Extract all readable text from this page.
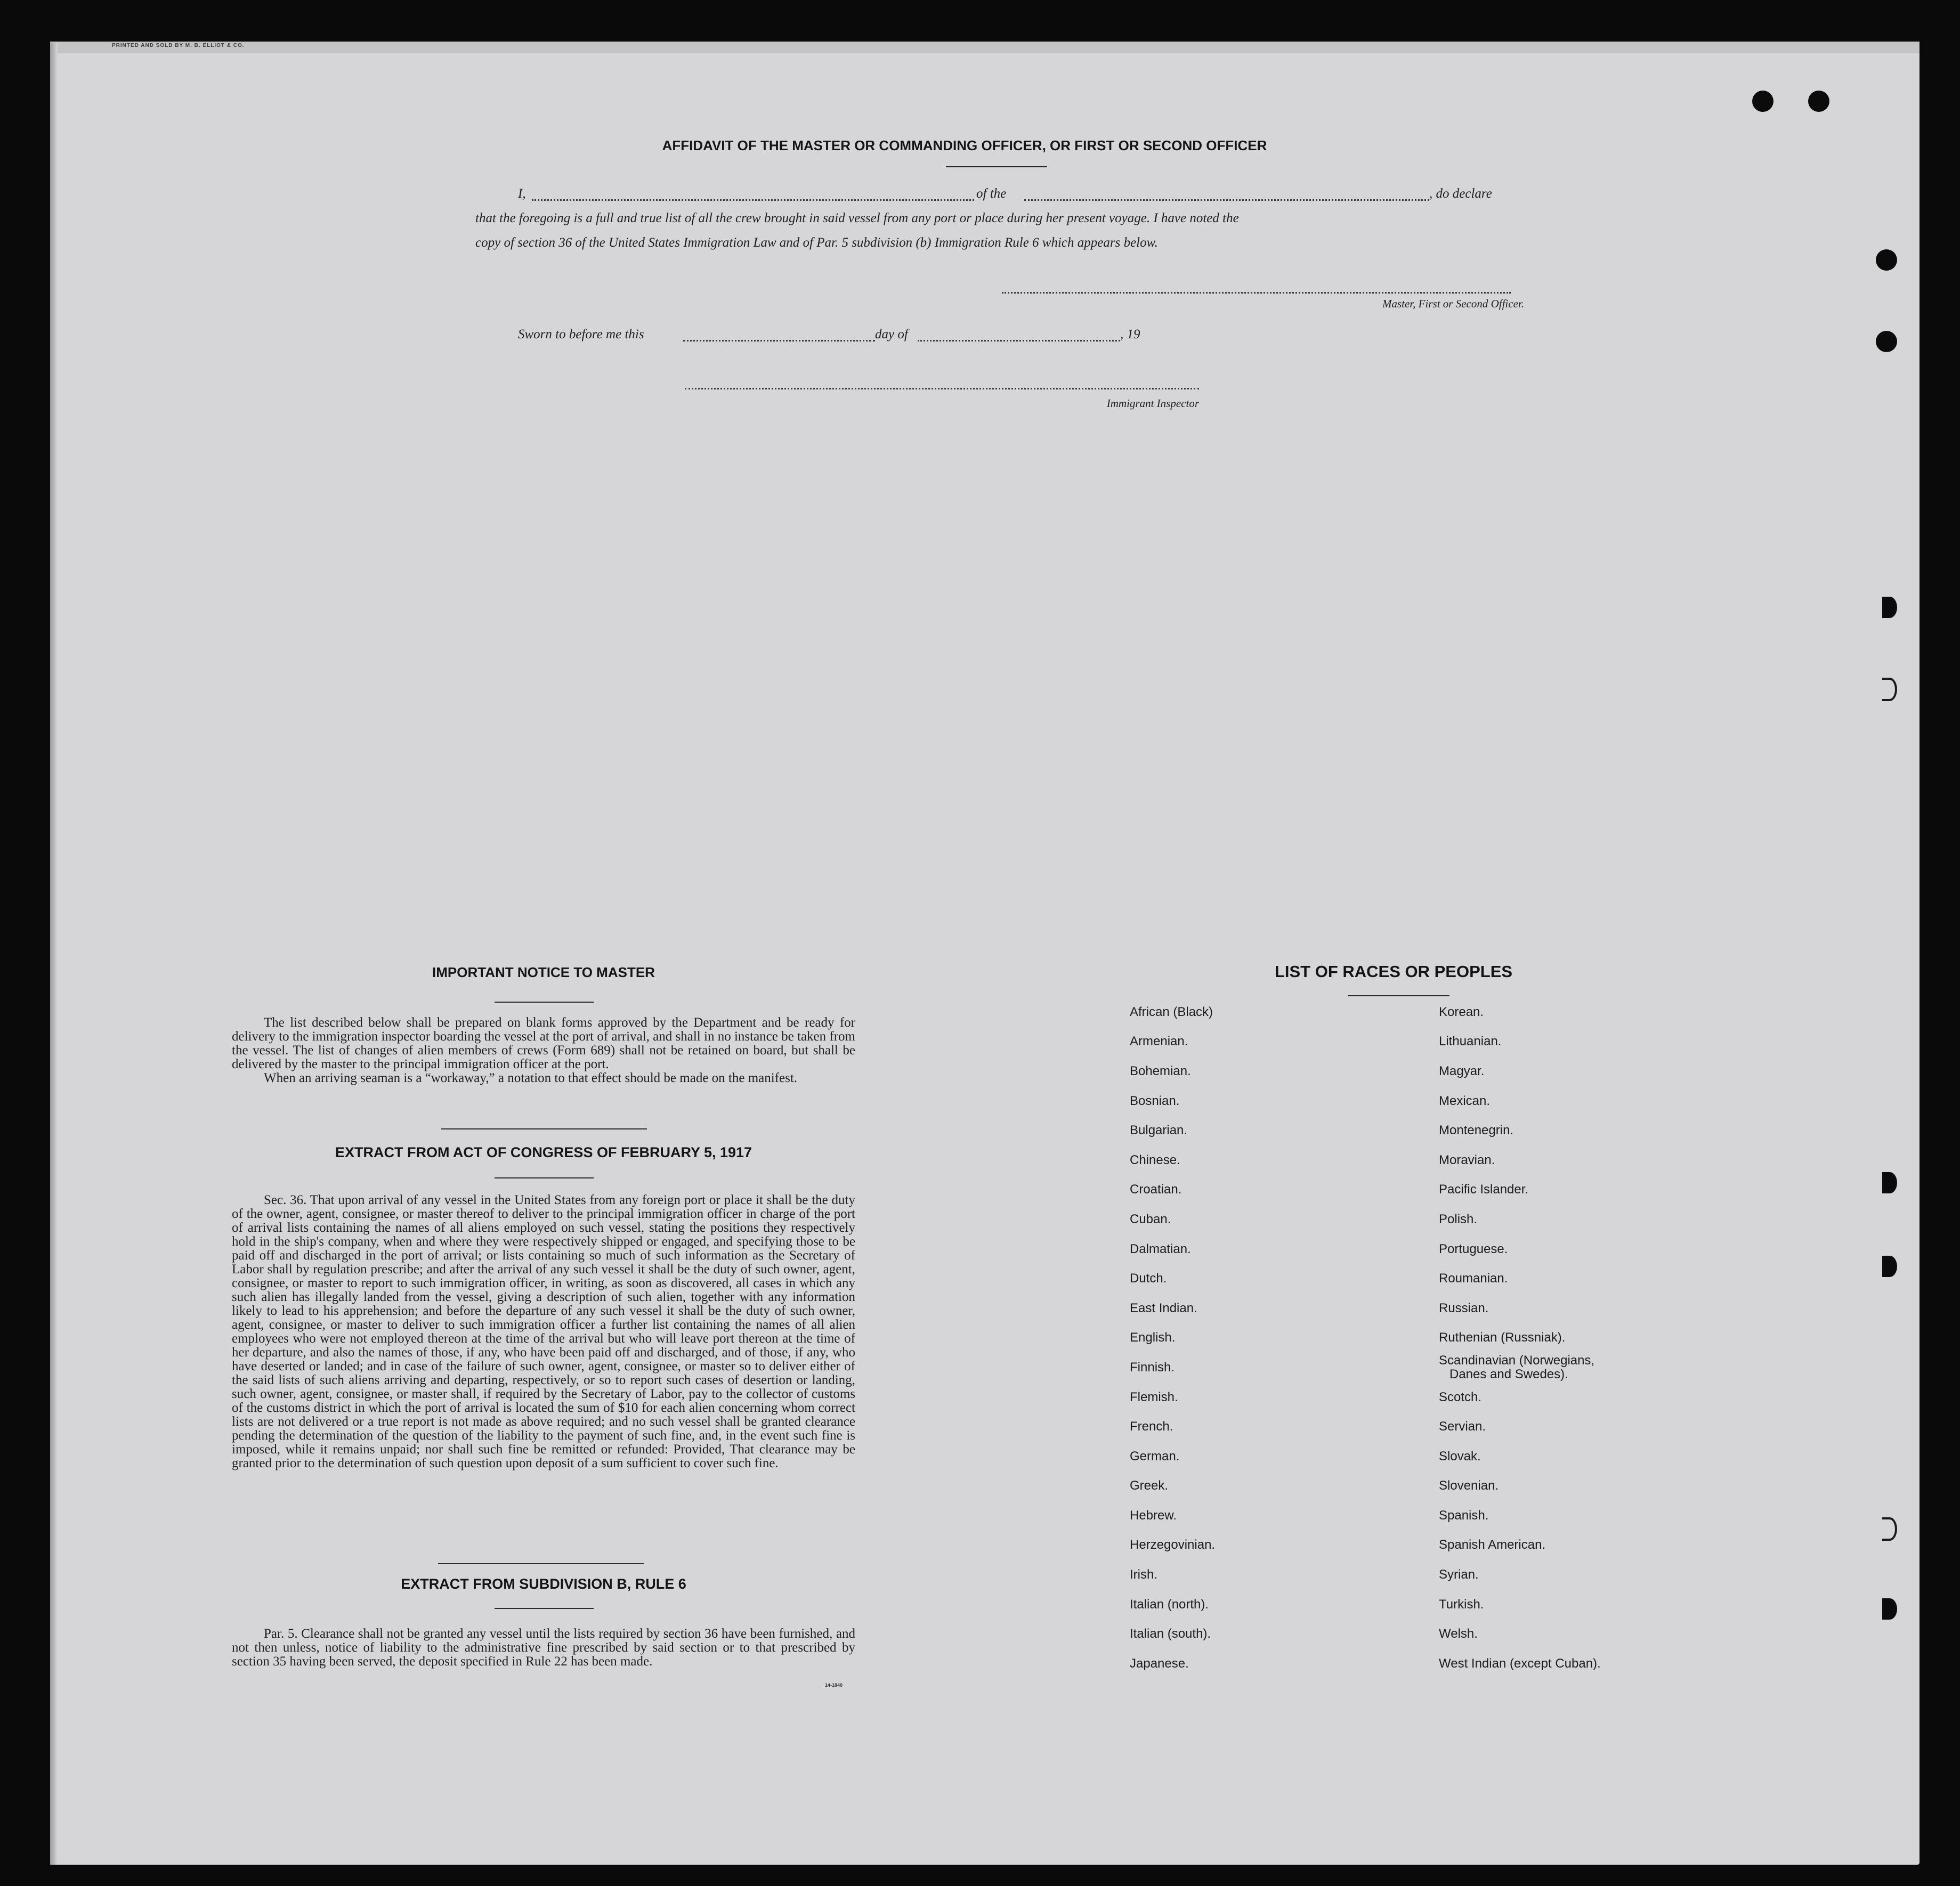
PRINTED AND SOLD BY M. B. ELLIOT & CO.
AFFIDAVIT OF THE MASTER OR COMMANDING OFFICER, OR FIRST OR SECOND OFFICER
I,	of the	, do declare
that the foregoing is a full and true list of all the crew brought in said vessel from any port or place during her present voyage. I have noted the
copy of section 36 of the United States Immigration Law and of Par. 5 subdivision (b) Immigration Rule 6 which appears below.
Master, First or Second Officer.
Sworn to before me this	day of	, 19
Immigrant Inspector
IMPORTANT NOTICE TO MASTER

The list described below shall be prepared on blank forms approved by the Department and be ready for delivery to the immigration inspector boarding the vessel at the port of arrival, and shall in no instance be taken from the vessel. The list of changes of alien members of crews (Form 689) shall not be retained on board, but shall be delivered by the master to the principal immigration officer at the port.

When an arriving seaman is a “workaway,” a notation to that effect should be made on the manifest.

EXTRACT FROM ACT OF CONGRESS OF FEBRUARY 5, 1917

Sec. 36. That upon arrival of any vessel in the United States from any foreign port or place it shall be the duty of the owner, agent, consignee, or master thereof to deliver to the principal immigration officer in charge of the port of arrival lists containing the names of all aliens employed on such vessel, stating the positions they respectively hold in the ship's company, when and where they were respectively shipped or engaged, and specifying those to be paid off and discharged in the port of arrival; or lists containing so much of such information as the Secretary of Labor shall by regulation prescribe; and after the arrival of any such vessel it shall be the duty of such owner, agent, consignee, or master to report to such immigration officer, in writing, as soon as discovered, all cases in which any such alien has illegally landed from the vessel, giving a description of such alien, together with any information likely to lead to his apprehension; and before the departure of any such vessel it shall be the duty of such owner, agent, consignee, or master to deliver to such immigration officer a further list containing the names of all alien employees who were not employed thereon at the time of the arrival but who will leave port thereon at the time of her departure, and also the names of those, if any, who have been paid off and discharged, and of those, if any, who have deserted or landed; and in case of the failure of such owner, agent, consignee, or master so to deliver either of the said lists of such aliens arriving and departing, respectively, or so to report such cases of desertion or landing, such owner, agent, consignee, or master shall, if required by the Secretary of Labor, pay to the collector of customs of the customs district in which the port of arrival is located the sum of $10 for each alien concerning whom correct lists are not delivered or a true report is not made as above required; and no such vessel shall be granted clearance pending the determination of the question of the liability to the payment of such fine, and, in the event such fine is imposed, while it remains unpaid; nor shall such fine be remitted or refunded: Provided, That clearance may be granted prior to the determination of such question upon deposit of a sum sufficient to cover such fine.

EXTRACT FROM SUBDIVISION B, RULE 6

Par. 5. Clearance shall not be granted any vessel until the lists required by section 36 have been furnished, and not then unless, notice of liability to the administrative fine prescribed by said section or to that prescribed by section 35 having been served, the deposit specified in Rule 22 has been made.

14-1840
LIST OF RACES OR PEOPLES
African (Black)	Korean.
Armenian.	Lithuanian.
Bohemian.	Magyar.
Bosnian.	Mexican.
Bulgarian.	Montenegrin.
Chinese.	Moravian.
Croatian.	Pacific Islander.
Cuban.	Polish.
Dalmatian.	Portuguese.
Dutch.	Roumanian.
East Indian.	Russian.
English.	Ruthenian (Russniak).
Finnish.	Scandinavian (Norwegians, Danes and Swedes).
Flemish.	Scotch.
French.	Servian.
German.	Slovak.
Greek.	Slovenian.
Hebrew.	Spanish.
Herzegovinian.	Spanish American.
Irish.	Syrian.
Italian (north).	Turkish.
Italian (south).	Welsh.
Japanese.	West Indian (except Cuban).
